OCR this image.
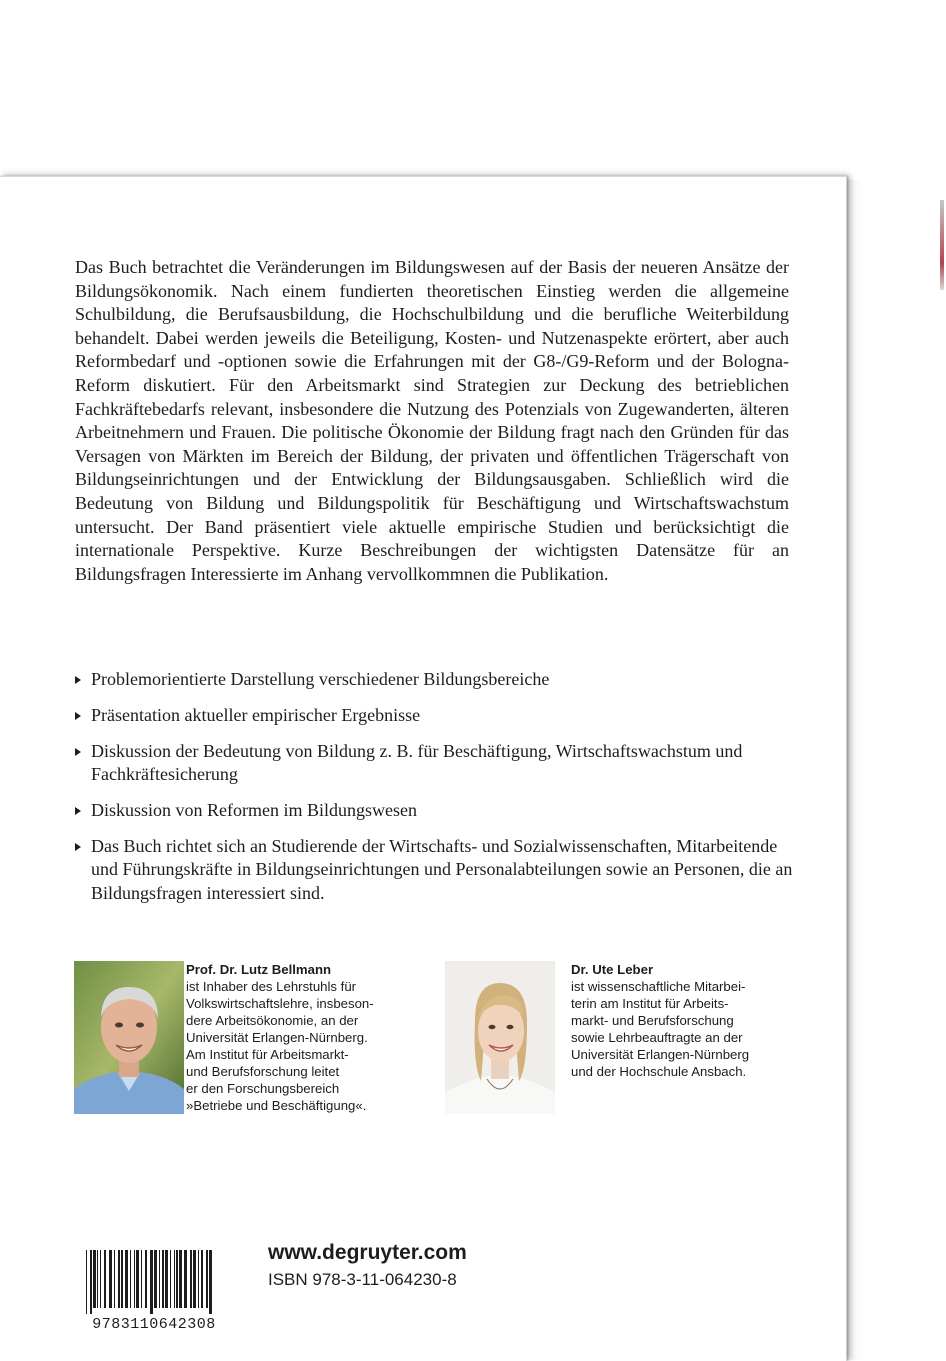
Das Buch betrachtet die Veränderungen im Bildungswesen auf der Basis der neueren Ansätze der Bildungsökonomik. Nach einem fundierten theoretischen Einstieg werden die allgemeine Schulbildung, die Berufsausbildung, die Hochschulbildung und die berufliche Weiterbildung behandelt. Dabei werden jeweils die Beteiligung, Kosten- und Nutzenaspekte erörtert, aber auch Reformbedarf und -optionen sowie die Erfahrungen mit der G8-/G9-Reform und der Bologna-Reform diskutiert. Für den Arbeitsmarkt sind Strategien zur Deckung des betrieblichen Fachkräftebedarfs relevant, insbesondere die Nutzung des Potenzials von Zugewanderten, älteren Arbeitnehmern und Frauen. Die politische Ökonomie der Bildung fragt nach den Gründen für das Versagen von Märkten im Bereich der Bildung, der privaten und öffentlichen Trägerschaft von Bildungseinrichtungen und der Entwicklung der Bildungsausgaben. Schließlich wird die Bedeutung von Bildung und Bildungspolitik für Beschäftigung und Wirtschaftswachstum untersucht. Der Band präsentiert viele aktuelle empirische Studien und berücksichtigt die internationale Perspektive. Kurze Beschreibungen der wichtigsten Datensätze für an Bildungsfragen Interessierte im Anhang vervollkommnen die Publikation.

Problemorientierte Darstellung verschiedener Bildungsbereiche
Präsentation aktueller empirischer Ergebnisse
Diskussion der Bedeutung von Bildung z. B. für Beschäftigung, Wirtschaftswachstum und Fachkräftesicherung
Diskussion von Reformen im Bildungswesen
Das Buch richtet sich an Studierende der Wirtschafts- und Sozialwissenschaften, Mitarbeitende und Führungskräfte in Bildungseinrichtungen und Personalabteilungen sowie an Personen, die an Bildungsfragen interessiert sind.
Prof. Dr. Lutz Bellmann
ist Inhaber des Lehrstuhls für
Volkswirtschaftslehre, insbeson-
dere Arbeitsökonomie, an der
Universität Erlangen-Nürnberg.
Am Institut für Arbeitsmarkt-
und Berufsforschung leitet
er den Forschungsbereich
»Betriebe und Beschäftigung«.
Dr. Ute Leber
ist wissenschaftliche Mitarbei-
terin am Institut für Arbeits-
markt- und Berufsforschung
sowie Lehrbeauftragte an der
Universität Erlangen-Nürnberg
und der Hochschule Ansbach.
9783110642308
www.degruyter.com
ISBN 978-3-11-064230-8
